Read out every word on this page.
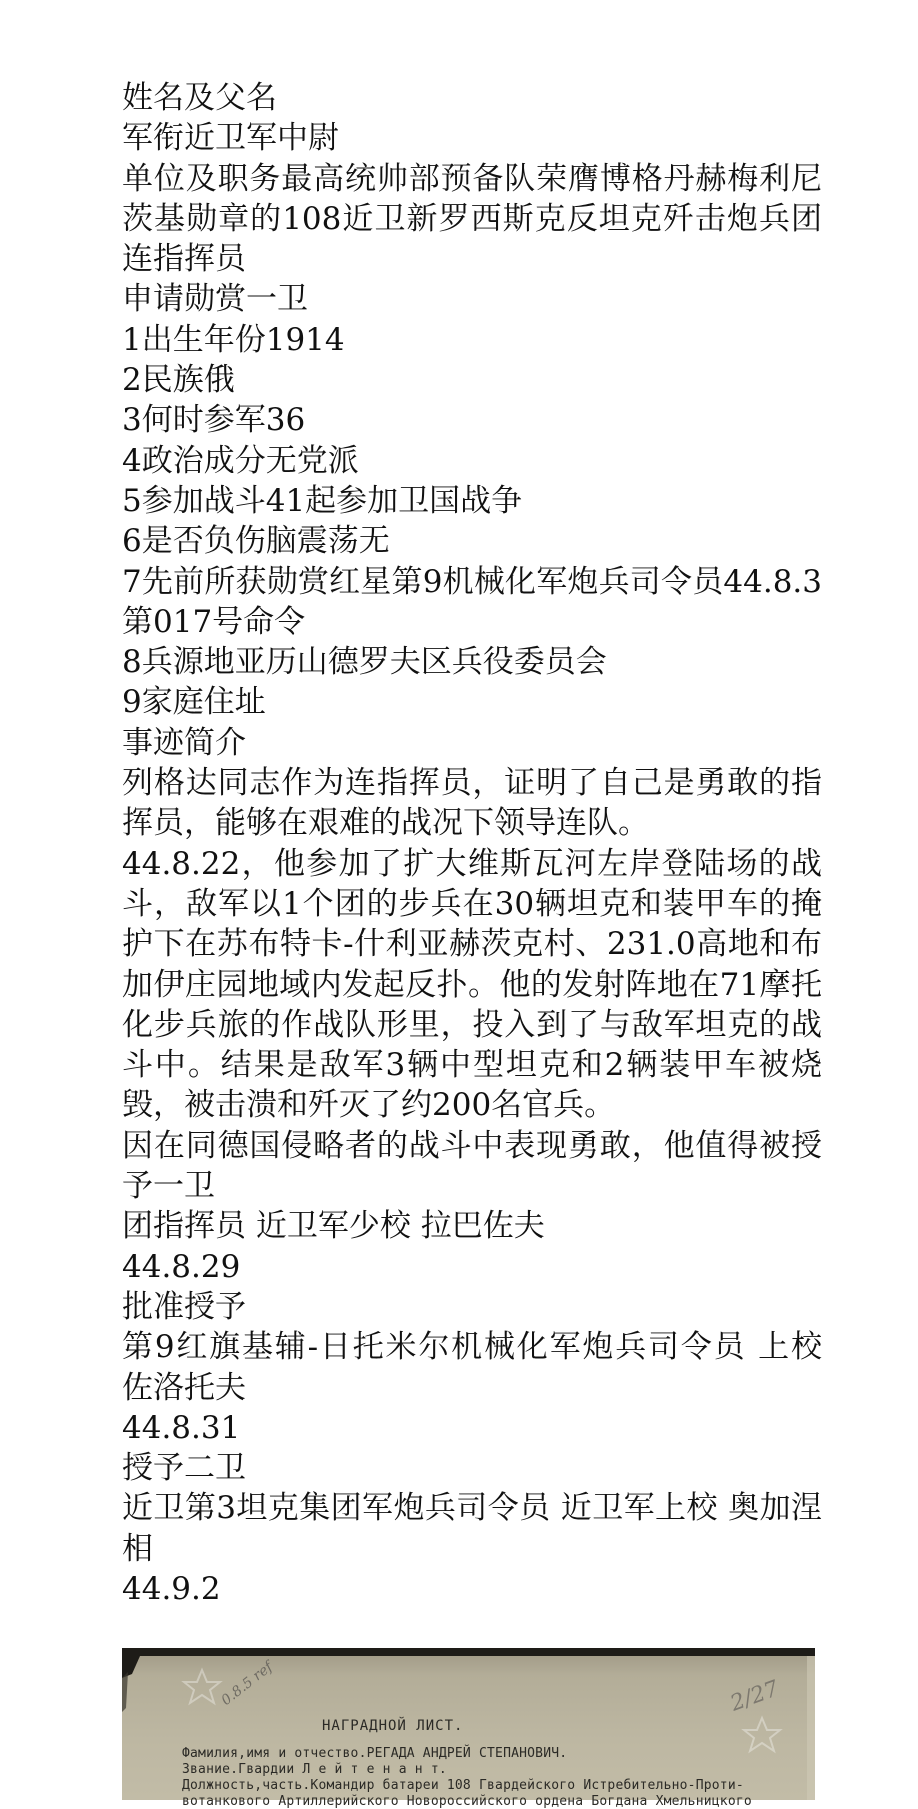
姓名及父名
军衔近卫军中尉
单位及职务最高统帅部预备队荣膺博格丹赫梅利尼茨基勋章的108近卫新罗西斯克反坦克歼击炮兵团连指挥员
申请勋赏一卫
1出生年份1914
2民族俄
3何时参军36
4政治成分无党派
5参加战斗41起参加卫国战争
6是否负伤脑震荡无
7先前所获勋赏红星第9机械化军炮兵司令员44.8.3第017号命令
8兵源地亚历山德罗夫区兵役委员会
9家庭住址
事迹简介
列格达同志作为连指挥员，证明了自己是勇敢的指挥员，能够在艰难的战况下领导连队。
44.8.22，他参加了扩大维斯瓦河左岸登陆场的战斗，敌军以1个团的步兵在30辆坦克和装甲车的掩护下在苏布特卡-什利亚赫茨克村、231.0高地和布加伊庄园地域内发起反扑。他的发射阵地在71摩托化步兵旅的作战队形里，投入到了与敌军坦克的战斗中。结果是敌军3辆中型坦克和2辆装甲车被烧毁，被击溃和歼灭了约200名官兵。
因在同德国侵略者的战斗中表现勇敢，他值得被授予一卫
团指挥员 近卫军少校 拉巴佐夫
44.8.29
批准授予
第9红旗基辅-日托米尔机械化军炮兵司令员 上校 佐洛托夫
44.8.31
授予二卫
近卫第3坦克集团军炮兵司令员 近卫军上校 奥加涅相
44.9.2
0.8.5 ref	2/27
НАГРАДНОЙ ЛИСТ.
Фамилия,имя и отчество.РЕГАДА АНДРЕЙ СТЕПАНОВИЧ.
Звание.Гвардии Л е й т е н а н т.
Должность,часть.Командир батареи 108 Гвардейского Истребительно-Проти-
вотанкового Артиллерийского Новороссийского ордена Богдана Хмельницкого
